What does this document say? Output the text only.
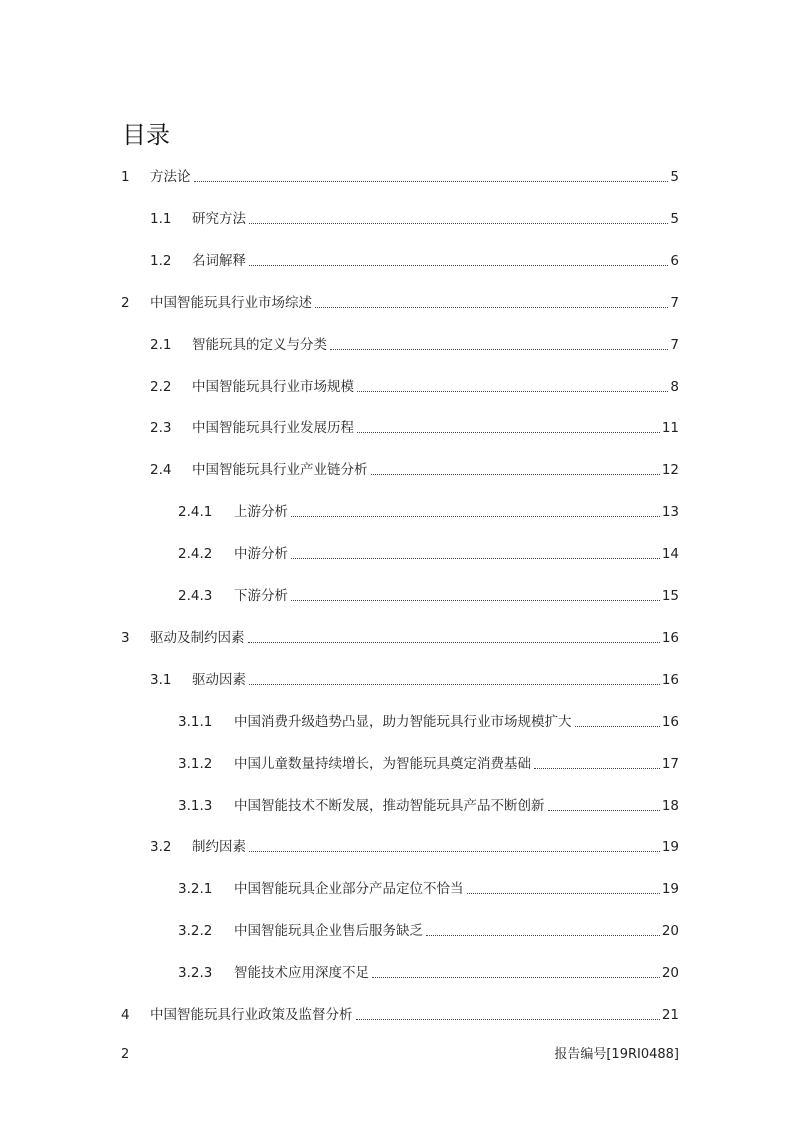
目录
1 方法论	5
1.1 研究方法	5
1.2 名词解释	6
2 中国智能玩具行业市场综述	7
2.1 智能玩具的定义与分类	7
2.2 中国智能玩具行业市场规模	8
2.3 中国智能玩具行业发展历程	11
2.4 中国智能玩具行业产业链分析	12
2.4.1 上游分析	13
2.4.2 中游分析	14
2.4.3 下游分析	15
3 驱动及制约因素	16
3.1 驱动因素	16
3.1.1 中国消费升级趋势凸显，助力智能玩具行业市场规模扩大	16
3.1.2 中国儿童数量持续增长，为智能玩具奠定消费基础	17
3.1.3 中国智能技术不断发展，推动智能玩具产品不断创新	18
3.2 制约因素	19
3.2.1 中国智能玩具企业部分产品定位不恰当	19
3.2.2 中国智能玩具企业售后服务缺乏	20
3.2.3 智能技术应用深度不足	20
4 中国智能玩具行业政策及监督分析	21
2	报告编号[19RI0488]
